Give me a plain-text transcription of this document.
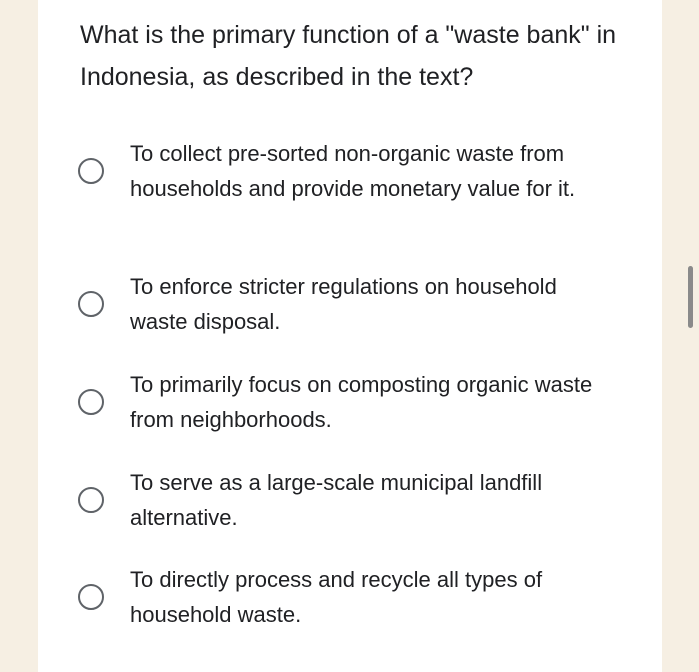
What is the primary function of a "waste bank" in Indonesia, as described in the text?
To collect pre-sorted non-organic waste from households and provide monetary value for it.
To enforce stricter regulations on household waste disposal.
To primarily focus on composting organic waste from neighborhoods.
To serve as a large-scale municipal landfill alternative.
To directly process and recycle all types of household waste.
